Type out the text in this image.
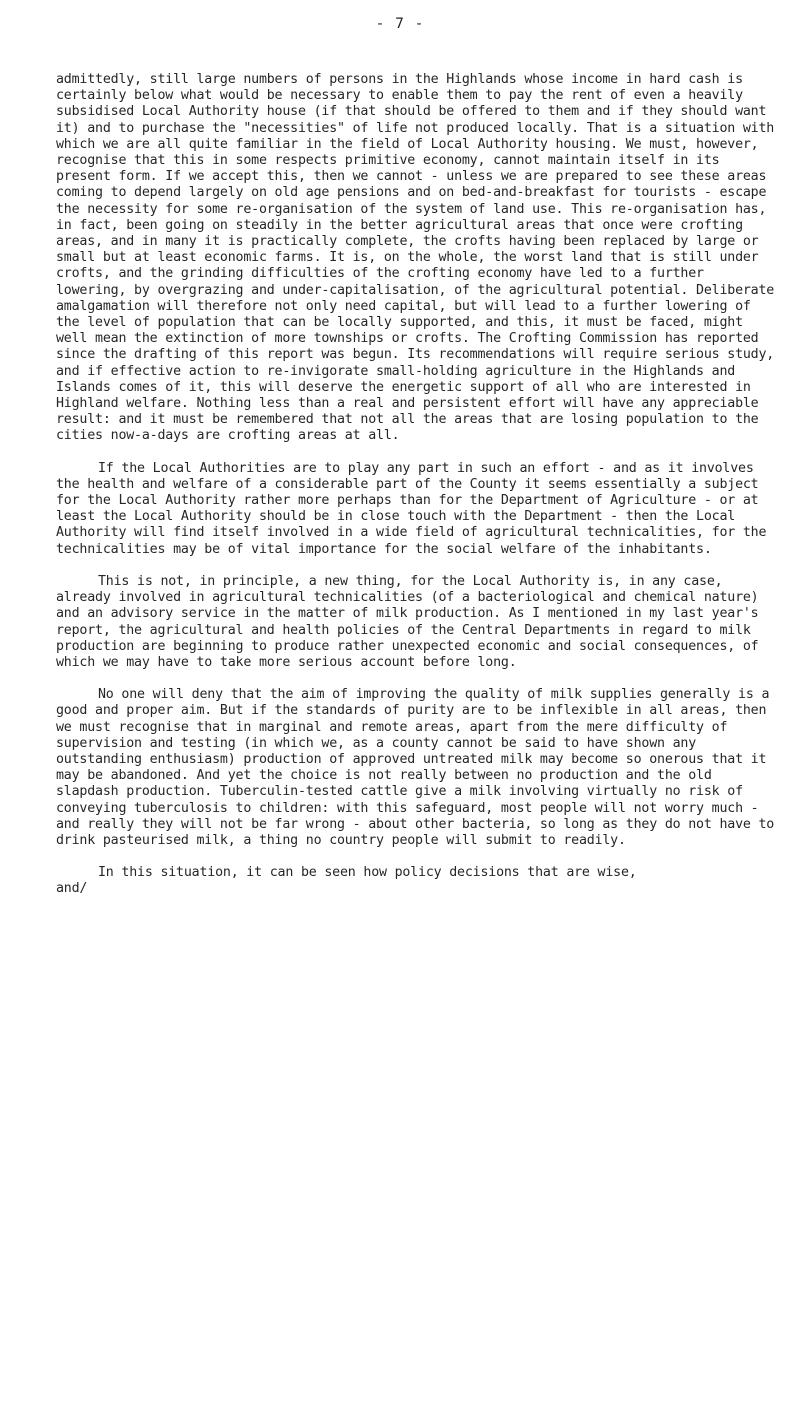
- 7 -

admittedly, still large numbers of persons in the Highlands whose income in hard cash is certainly below what would be necessary to enable them to pay the rent of even a heavily subsidised Local Authority house (if that should be offered to them and if they should want it) and to purchase the "necessities" of life not produced locally. That is a situation with which we are all quite familiar in the field of Local Authority housing. We must, however, recognise that this in some respects primitive economy, cannot maintain itself in its present form. If we accept this, then we cannot - unless we are prepared to see these areas coming to depend largely on old age pensions and on bed-and-breakfast for tourists - escape the necessity for some re-organisation of the system of land use. This re-organisation has, in fact, been going on steadily in the better agricultural areas that once were crofting areas, and in many it is practically complete, the crofts having been replaced by large or small but at least economic farms. It is, on the whole, the worst land that is still under crofts, and the grinding difficulties of the crofting economy have led to a further lowering, by overgrazing and under-capitalisation, of the agricultural potential. Deliberate amalgamation will therefore not only need capital, but will lead to a further lowering of the level of population that can be locally supported, and this, it must be faced, might well mean the extinction of more townships or crofts. The Crofting Commission has reported since the drafting of this report was begun. Its recommendations will require serious study, and if effective action to re-invigorate small-holding agriculture in the Highlands and Islands comes of it, this will deserve the energetic support of all who are interested in Highland welfare. Nothing less than a real and persistent effort will have any appreciable result: and it must be remembered that not all the areas that are losing population to the cities now-a-days are crofting areas at all.

If the Local Authorities are to play any part in such an effort - and as it involves the health and welfare of a considerable part of the County it seems essentially a subject for the Local Authority rather more perhaps than for the Department of Agriculture - or at least the Local Authority should be in close touch with the Department - then the Local Authority will find itself involved in a wide field of agricultural technicalities, for the technicalities may be of vital importance for the social welfare of the inhabitants.

This is not, in principle, a new thing, for the Local Authority is, in any case, already involved in agricultural technicalities (of a bacteriological and chemical nature) and an advisory service in the matter of milk production. As I mentioned in my last year's report, the agricultural and health policies of the Central Departments in regard to milk production are beginning to produce rather unexpected economic and social consequences, of which we may have to take more serious account before long.

No one will deny that the aim of improving the quality of milk supplies generally is a good and proper aim. But if the standards of purity are to be inflexible in all areas, then we must recognise that in marginal and remote areas, apart from the mere difficulty of supervision and testing (in which we, as a county cannot be said to have shown any outstanding enthusiasm) production of approved untreated milk may become so onerous that it may be abandoned. And yet the choice is not really between no production and the old slapdash production. Tuberculin-tested cattle give a milk involving virtually no risk of conveying tuberculosis to children: with this safeguard, most people will not worry much - and really they will not be far wrong - about other bacteria, so long as they do not have to drink pasteurised milk, a thing no country people will submit to readily.

In this situation, it can be seen how policy decisions that are wise,

and/
